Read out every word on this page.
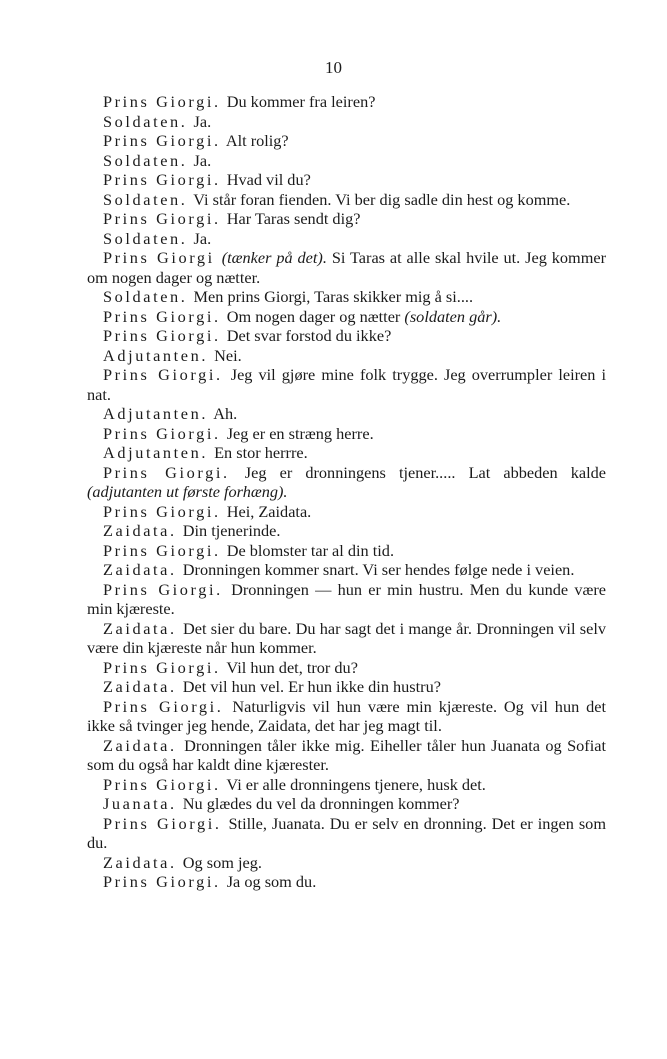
10

Prins Giorgi. Du kommer fra leiren?

Soldaten. Ja.

Prins Giorgi. Alt rolig?

Soldaten. Ja.

Prins Giorgi. Hvad vil du?

Soldaten. Vi står foran fienden. Vi ber dig sadle din hest og komme.

Prins Giorgi. Har Taras sendt dig?

Soldaten. Ja.

Prins Giorgi (tænker på det). Si Taras at alle skal hvile ut. Jeg kommer om nogen dager og nætter.

Soldaten. Men prins Giorgi, Taras skikker mig å si....

Prins Giorgi. Om nogen dager og nætter (soldaten går).

Prins Giorgi. Det svar forstod du ikke?

Adjutanten. Nei.

Prins Giorgi. Jeg vil gjøre mine folk trygge. Jeg overrumpler leiren i nat.

Adjutanten. Ah.

Prins Giorgi. Jeg er en stræng herre.

Adjutanten. En stor herrre.

Prins Giorgi. Jeg er dronningens tjener..... Lat abbeden kalde (adjutanten ut første forhæng).

Prins Giorgi. Hei, Zaidata.

Zaidata. Din tjenerinde.

Prins Giorgi. De blomster tar al din tid.

Zaidata. Dronningen kommer snart. Vi ser hendes følge nede i veien.

Prins Giorgi. Dronningen — hun er min hustru. Men du kunde være min kjæreste.

Zaidata. Det sier du bare. Du har sagt det i mange år. Dronningen vil selv være din kjæreste når hun kommer.

Prins Giorgi. Vil hun det, tror du?

Zaidata. Det vil hun vel. Er hun ikke din hustru?

Prins Giorgi. Naturligvis vil hun være min kjæreste. Og vil hun det ikke så tvinger jeg hende, Zaidata, det har jeg magt til.

Zaidata. Dronningen tåler ikke mig. Eiheller tåler hun Juanata og Sofiat som du også har kaldt dine kjærester.

Prins Giorgi. Vi er alle dronningens tjenere, husk det.

Juanata. Nu glædes du vel da dronningen kommer?

Prins Giorgi. Stille, Juanata. Du er selv en dronning. Det er ingen som du.

Zaidata. Og som jeg.

Prins Giorgi. Ja og som du.
